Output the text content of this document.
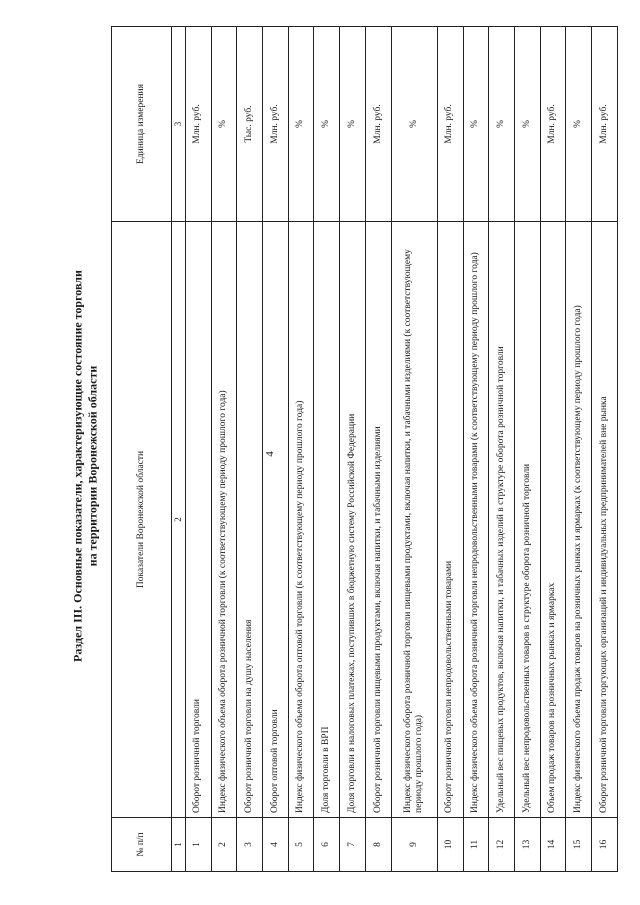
4
Раздел III. Основные показатели, характеризующие состояние торговли на территории Воронежской области
№ п/п	Показатели Воронежской области	Единица измерения
1	2	3
1	Оборот розничной торговли	Млн. руб.
2	Индекс физического объема оборота розничной торговли (к соответствующему периоду прошлого года)	%
3	Оборот розничной торговли на душу населения	Тыс. руб.
4	Оборот оптовой торговли	Млн. руб.
5	Индекс физического объема оборота оптовой торговли (к соответствующему периоду прошлого года)	%
6	Доля торговли в ВРП	%
7	Доля торговли в налоговых платежах, поступивших в бюджетную систему Российской Федерации	%
8	Оборот розничной торговли пищевыми продуктами, включая напитки, и табачными изделиями	Млн. руб.
9	Индекс физического оборота розничной торговли пищевыми продуктами, включая напитки, и табачными изделиями (к соответствующему периоду прошлого года)	%
10	Оборот розничной торговли непродовольственными товарами	Млн. руб.
11	Индекс физического объема оборота розничной торговли непродовольственными товарами (к соответствующему периоду прошлого года)	%
12	Удельный вес пищевых продуктов, включая напитки, и табачных изделий в структуре оборота розничной торговли	%
13	Удельный вес непродовольственных товаров в структуре оборота розничной торговли	%
14	Объем продаж товаров на розничных рынках и ярмарках	Млн. руб.
15	Индекс физического объема продаж товаров на розничных рынках и ярмарках (к соответствующему периоду прошлого года)	%
16	Оборот розничной торговли торгующих организаций и индивидуальных предпринимателей вне рынка	Млн. руб.
